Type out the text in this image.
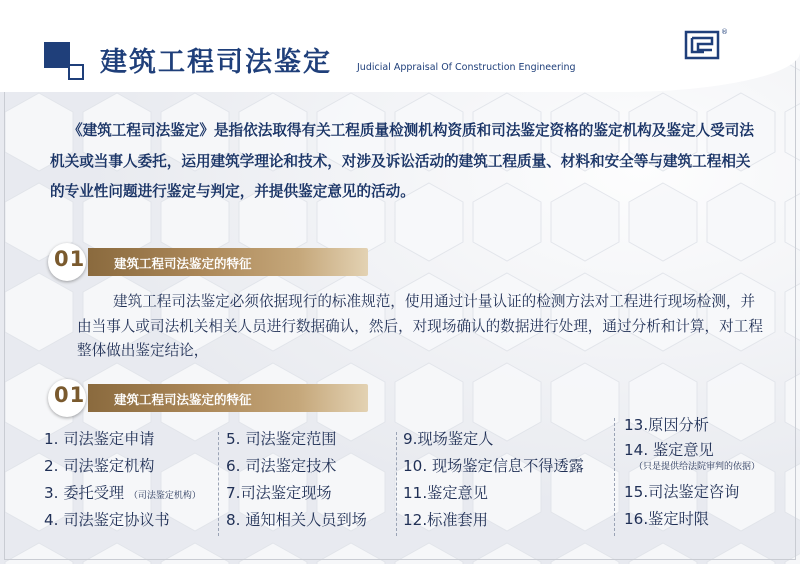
建筑工程司法鉴定	Judicial Appraisal Of Construction Engineering
®
《建筑工程司法鉴定》是指依法取得有关工程质量检测机构资质和司法鉴定资格的鉴定机构及鉴定人受司法机关或当事人委托，运用建筑学理论和技术，对涉及诉讼活动的建筑工程质量、材料和安全等与建筑工程相关的专业性问题进行鉴定与判定，并提供鉴定意见的活动。
建筑工程司法鉴定的特征
01
建筑工程司法鉴定必须依据现行的标准规范，使用通过计量认证的检测方法对工程进行现场检测，并由当事人或司法机关相关人员进行数据确认，然后，对现场确认的数据进行处理，通过分析和计算，对工程整体做出鉴定结论，
建筑工程司法鉴定的特征
01
1. 司法鉴定申请
2. 司法鉴定机构
3. 委托受理 （司法鉴定机构）
4. 司法鉴定协议书
5. 司法鉴定范围
6. 司法鉴定技术
7.司法鉴定现场
8. 通知相关人员到场
9.现场鉴定人
10. 现场鉴定信息不得透露
11.鉴定意见
12.标准套用
13.原因分析
14. 鉴定意见
（只是提供给法院审判的依据）
15.司法鉴定咨询
16.鉴定时限
